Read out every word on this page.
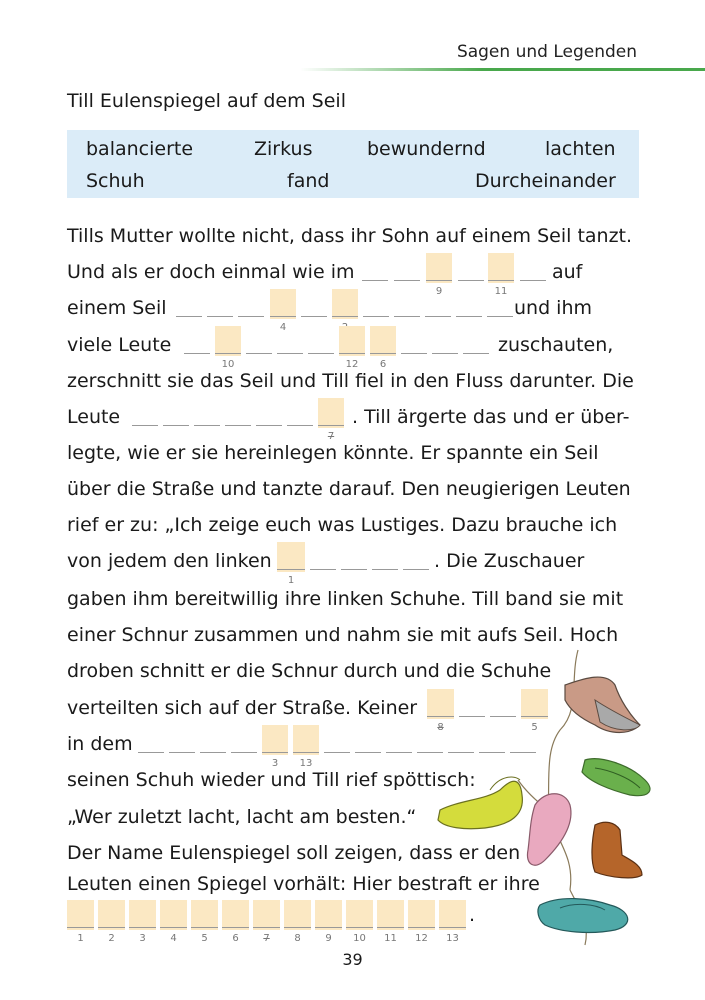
Sagen und Legenden
Till Eulenspiegel auf dem Seil
balancierte	Zirkus	bewundernd	lachten
Schuh	fand	Durcheinander
Tills Mutter wollte nicht, dass ihr Sohn auf einem Seil tanzt.
Und als er doch einmal wie im
9	11
auf
einem Seil
4
und ihm
viele Leute
10	12	6
zuschauten,
zerschnitt sie das Seil und Till fiel in den Fluss darunter. Die
Leute
7
. Till ärgerte das und er über-
legte, wie er sie hereinlegen könnte. Er spannte ein Seil
über die Straße und tanzte darauf. Den neugierigen Leuten
rief er zu: „Ich zeige euch was Lustiges. Dazu brauche ich
von jedem den linken
1
. Die Zuschauer
gaben ihm bereitwillig ihre linken Schuhe. Till band sie mit
einer Schnur zusammen und nahm sie mit aufs Seil. Hoch
droben schnitt er die Schnur durch und die Schuhe
verteilten sich auf der Straße. Keiner
8	5
in dem
3	13
seinen Schuh wieder und Till rief spöttisch:
„Wer zuletzt lacht, lacht am besten.“
Der Name Eulenspiegel soll zeigen, dass er den
Leuten einen Spiegel vorhält: Hier bestraft er ihre
1	2	3	4	5	6	7	8	9	10	11	12	13
.
39
